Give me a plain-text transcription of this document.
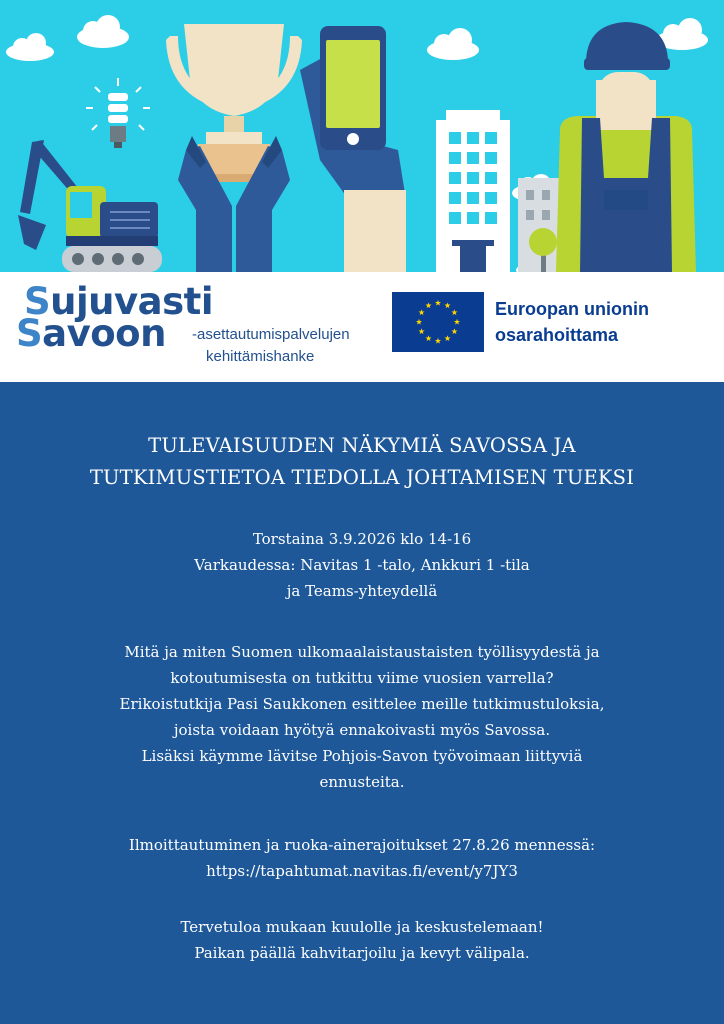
Sujuvasti
Savoon -asettautumispalvelujen
kehittämishanke
Euroopan unionin
osarahoittama
TULEVAISUUDEN NÄKYMIÄ SAVOSSA JA
TUTKIMUSTIETOA TIEDOLLA JOHTAMISEN TUEKSI
Torstaina 3.9.2026 klo 14-16
Varkaudessa: Navitas 1 -talo, Ankkuri 1 -tila
ja Teams-yhteydellä
Mitä ja miten Suomen ulkomaalaistaustaisten työllisyydestä ja
kotoutumisesta on tutkittu viime vuosien varrella?
Erikoistutkija Pasi Saukkonen esittelee meille tutkimustuloksia,
joista voidaan hyötyä ennakoivasti myös Savossa.
Lisäksi käymme lävitse Pohjois-Savon työvoimaan liittyviä
ennusteita.
Ilmoittautuminen ja ruoka-ainerajoitukset 27.8.26 mennessä:
https://tapahtumat.navitas.fi/event/y7JY3
Tervetuloa mukaan kuulolle ja keskustelemaan!
Paikan päällä kahvitarjoilu ja kevyt välipala.
